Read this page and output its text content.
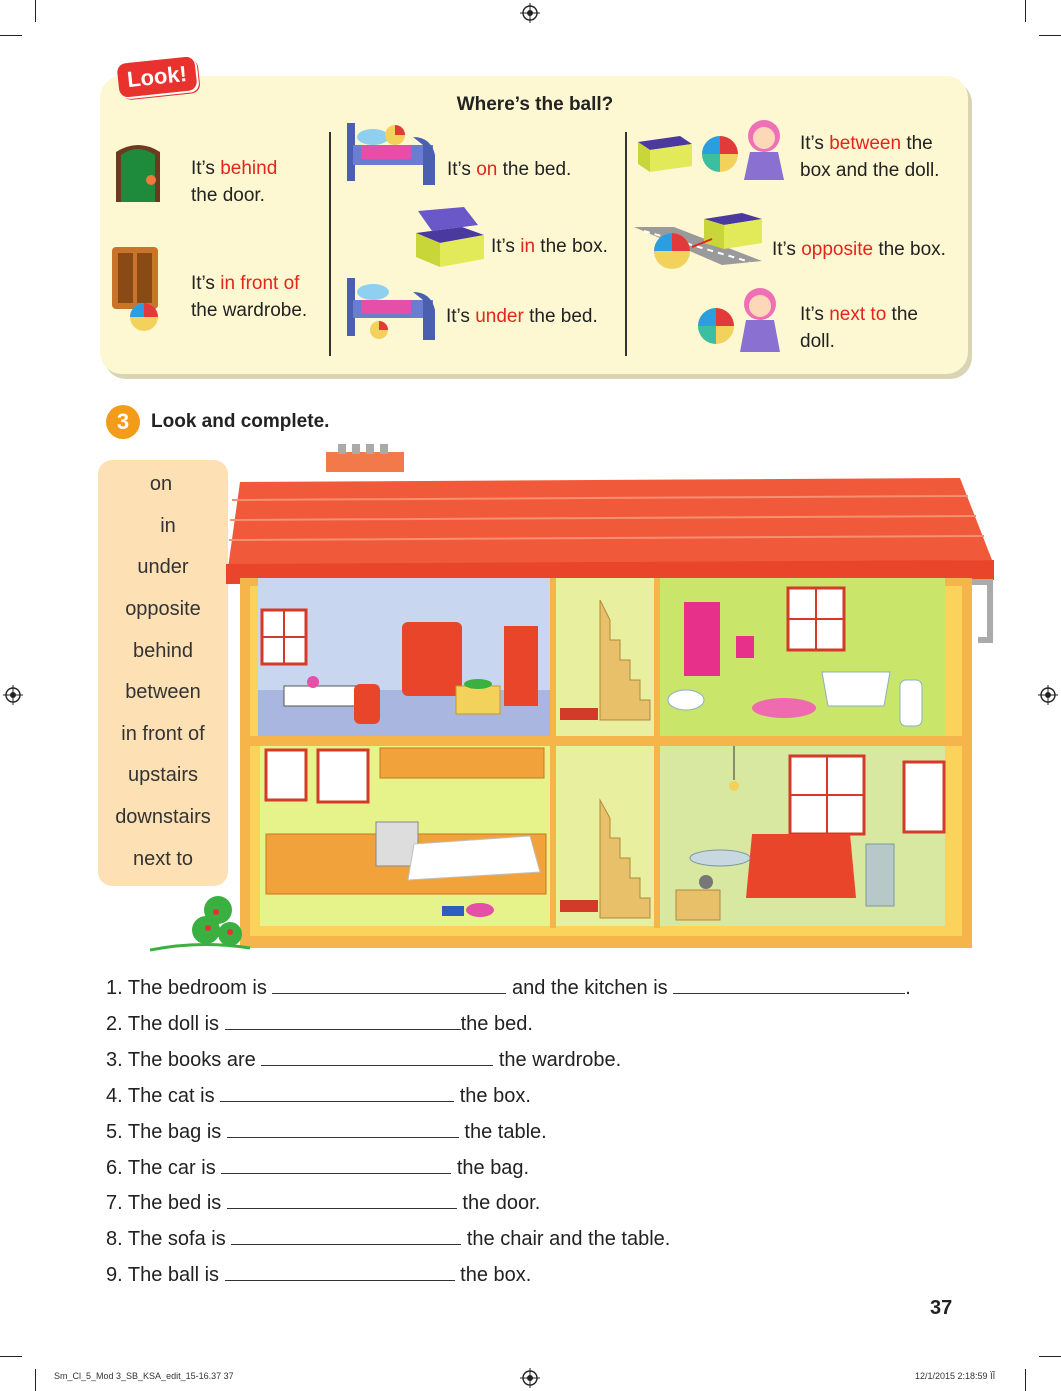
Look!
Where’s the ball?
It’s behind
the door.
It’s in front of
the wardrobe.
It’s on the bed.
It’s in the box.
It’s under the bed.
It’s between the
box and the doll.
It’s opposite the box.
It’s next to the
doll.
3	Look and complete.
on
in
under
opposite
behind
between
in front of
upstairs
downstairs
next to
1. The bedroom is	and the kitchen is	.
2. The doll is	the bed.
3. The books are	the wardrobe.
4. The cat is	the box.
5. The bag is	the table.
6. The car is	the bag.
7. The bed is	the door.
8. The sofa is	the chair and the table.
9. The ball is	the box.
37
Sm_Cl_5_Mod 3_SB_KSA_edit_15-16.37 37	12/1/2015 2:18:59 ÏÎ
